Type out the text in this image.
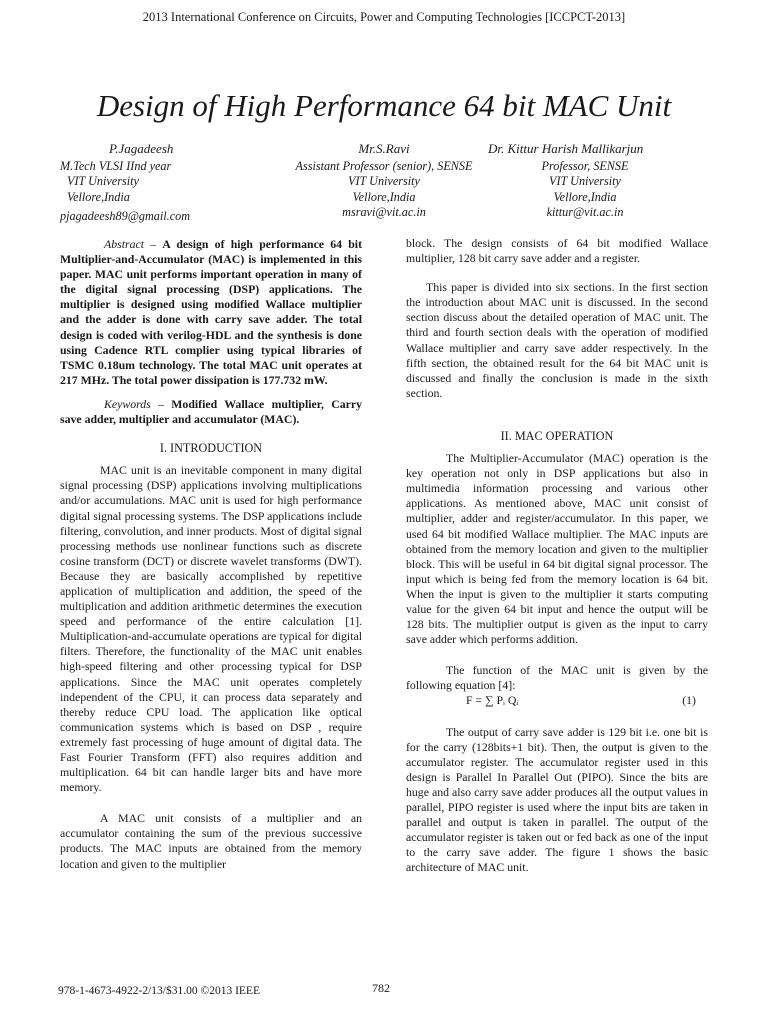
2013 International Conference on Circuits, Power and Computing Technologies [ICCPCT-2013]
Design of High Performance 64 bit MAC Unit
P.Jagadeesh
M.Tech VLSI IInd year
VIT University
Vellore,India
pjagadeesh89@gmail.com
Mr.S.Ravi
Assistant Professor (senior), SENSE
VIT University
Vellore,India
msravi@vit.ac.in
Dr. Kittur Harish Mallikarjun
Professor, SENSE
VIT University
Vellore,India
kittur@vit.ac.in

Abstract – A design of high performance 64 bit Multiplier-and-Accumulator (MAC) is implemented in this paper. MAC unit performs important operation in many of the digital signal processing (DSP) applications. The multiplier is designed using modified Wallace multiplier and the adder is done with carry save adder. The total design is coded with verilog-HDL and the synthesis is done using Cadence RTL complier using typical libraries of TSMC 0.18um technology. The total MAC unit operates at 217 MHz. The total power dissipation is 177.732 mW.

Keywords – Modified Wallace multiplier, Carry save adder, multiplier and accumulator (MAC).

I. INTRODUCTION

MAC unit is an inevitable component in many digital signal processing (DSP) applications involving multiplications and/or accumulations. MAC unit is used for high performance digital signal processing systems. The DSP applications include filtering, convolution, and inner products. Most of digital signal processing methods use nonlinear functions such as discrete cosine transform (DCT) or discrete wavelet transforms (DWT). Because they are basically accomplished by repetitive application of multiplication and addition, the speed of the multiplication and addition arithmetic determines the execution speed and performance of the entire calculation [1]. Multiplication-and-accumulate operations are typical for digital filters. Therefore, the functionality of the MAC unit enables high-speed filtering and other processing typical for DSP applications. Since the MAC unit operates completely independent of the CPU, it can process data separately and thereby reduce CPU load. The application like optical communication systems which is based on DSP , require extremely fast processing of huge amount of digital data. The Fast Fourier Transform (FFT) also requires addition and multiplication. 64 bit can handle larger bits and have more memory.

A MAC unit consists of a multiplier and an accumulator containing the sum of the previous successive products. The MAC inputs are obtained from the memory location and given to the multiplier

block. The design consists of 64 bit modified Wallace multiplier, 128 bit carry save adder and a register.

This paper is divided into six sections. In the first section the introduction about MAC unit is discussed. In the second section discuss about the detailed operation of MAC unit. The third and fourth section deals with the operation of modified Wallace multiplier and carry save adder respectively. In the fifth section, the obtained result for the 64 bit MAC unit is discussed and finally the conclusion is made in the sixth section.

II. MAC OPERATION

The Multiplier-Accumulator (MAC) operation is the key operation not only in DSP applications but also in multimedia information processing and various other applications. As mentioned above, MAC unit consist of multiplier, adder and register/accumulator. In this paper, we used 64 bit modified Wallace multiplier. The MAC inputs are obtained from the memory location and given to the multiplier block. This will be useful in 64 bit digital signal processor. The input which is being fed from the memory location is 64 bit. When the input is given to the multiplier it starts computing value for the given 64 bit input and hence the output will be 128 bits. The multiplier output is given as the input to carry save adder which performs addition.

The function of the MAC unit is given by the following equation [4]:

F = ∑ Pᵢ Qᵢ	(1)

The output of carry save adder is 129 bit i.e. one bit is for the carry (128bits+1 bit). Then, the output is given to the accumulator register. The accumulator register used in this design is Parallel In Parallel Out (PIPO). Since the bits are huge and also carry save adder produces all the output values in parallel, PIPO register is used where the input bits are taken in parallel and output is taken in parallel. The output of the accumulator register is taken out or fed back as one of the input to the carry save adder. The figure 1 shows the basic architecture of MAC unit.

978-1-4673-4922-2/13/$31.00 ©2013 IEEE	782
